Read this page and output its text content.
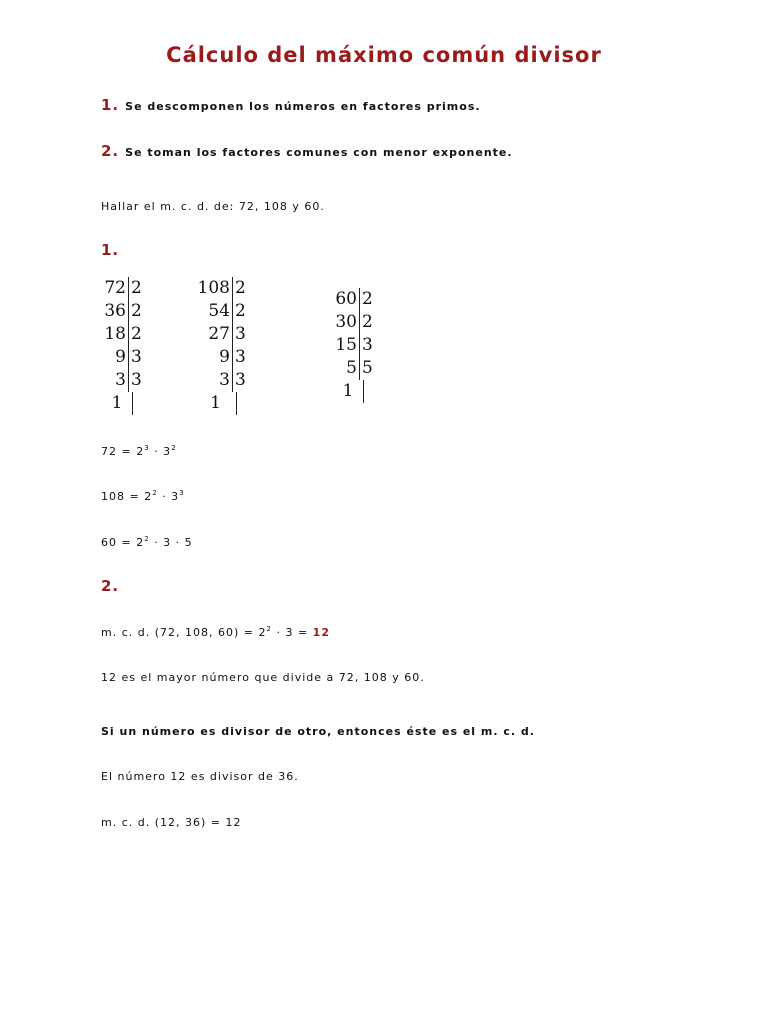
Cálculo del máximo común divisor
1. Se descomponen los números en factores primos.
2. Se toman los factores comunes con menor exponente.
Hallar el m. c. d. de: 72, 108 y 60.
1.
72 2
36 2
18 2
9 3
3 3
1
108 2
54 2
27 3
9 3
3 3
1
60 2
30 2
15 3
5 5
1
$72 = 2^3 \cdot 3^2$
$108 = 2^2 \cdot 3^3$
$60 = 2^2 \cdot 3 \cdot 5$
2.
m. c. d. (72, 108, $60) = 2^2 \cdot 3 = 12$
12 es el mayor número que divide a 72, 108 y 60.
Si un número es divisor de otro, entonces éste es el m. c. d.
El número 12 es divisor de 36.
m. c. d. (12, 36) = 12
